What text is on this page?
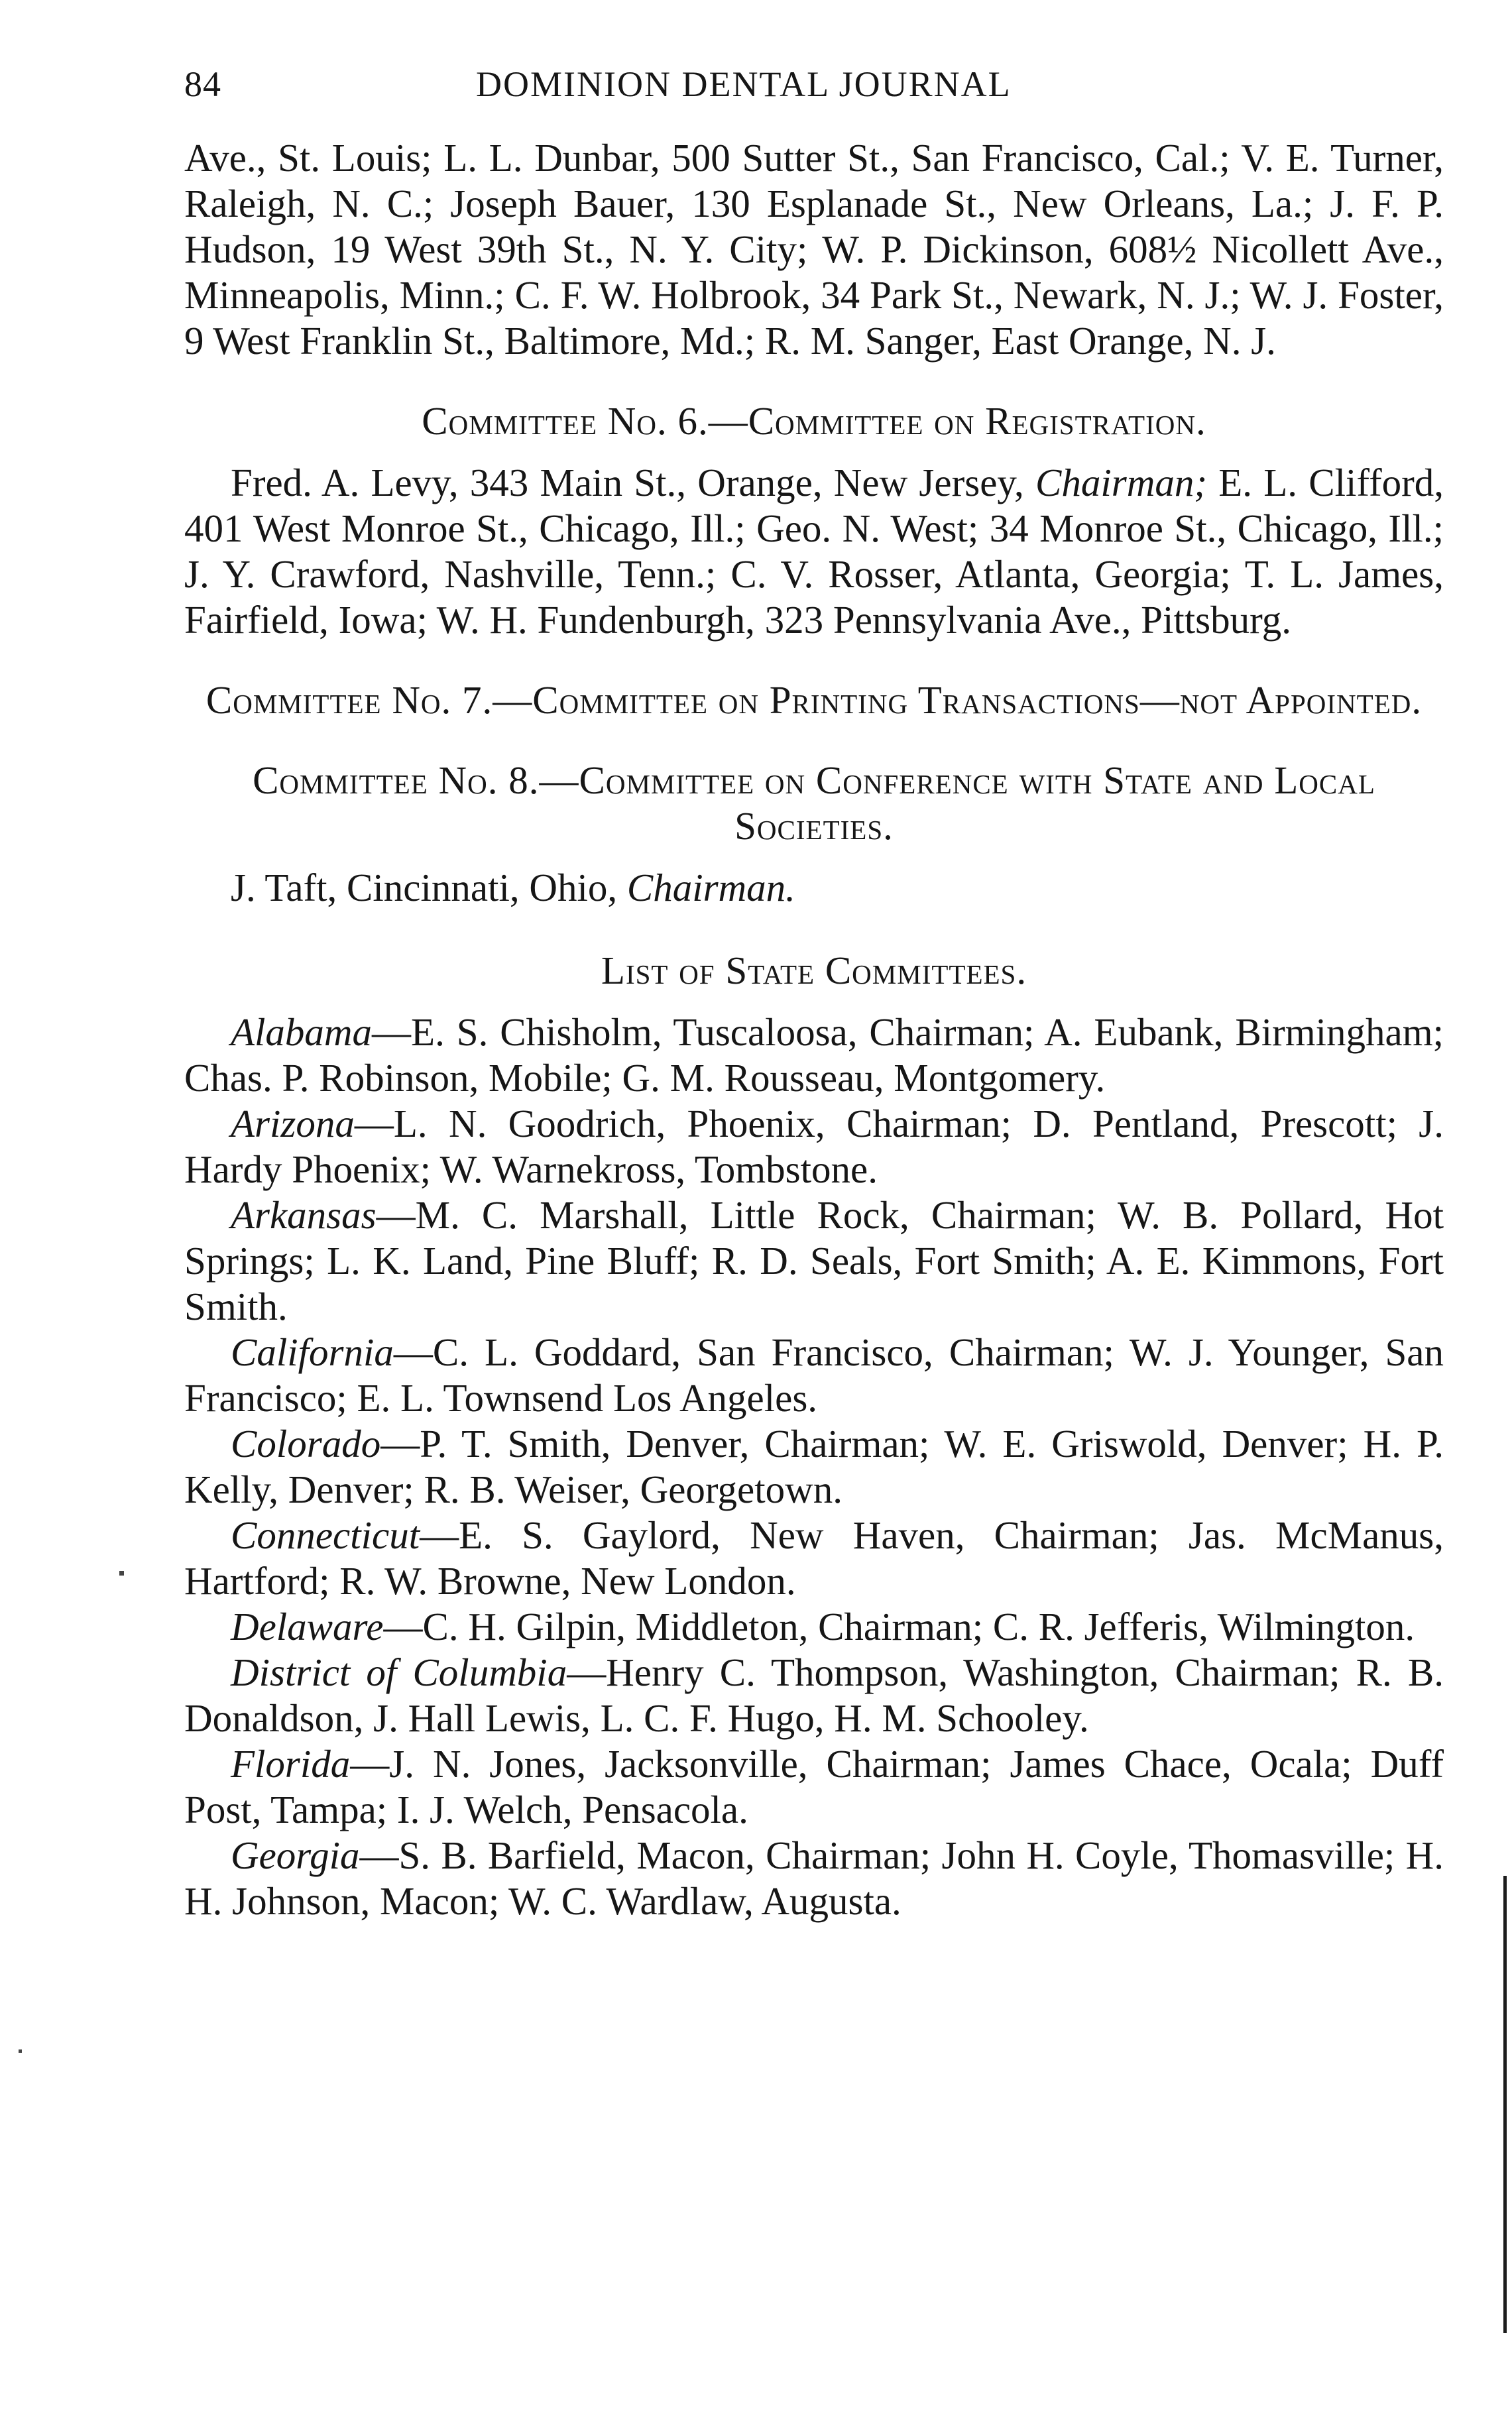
84	DOMINION DENTAL JOURNAL

Ave., St. Louis; L. L. Dunbar, 500 Sutter St., San Francisco, Cal.; V. E. Turner, Raleigh, N. C.; Joseph Bauer, 130 Esplanade St., New Orleans, La.; J. F. P. Hudson, 19 West 39th St., N. Y. City; W. P. Dickinson, 608½ Nicollett Ave., Minneapolis, Minn.; C. F. W. Holbrook, 34 Park St., Newark, N. J.; W. J. Foster, 9 West Franklin St., Baltimore, Md.; R. M. Sanger, East Orange, N. J.

Committee No. 6.—Committee on Registration.

Fred. A. Levy, 343 Main St., Orange, New Jersey, Chairman; E. L. Clifford, 401 West Monroe St., Chicago, Ill.; Geo. N. West; 34 Monroe St., Chicago, Ill.; J. Y. Crawford, Nashville, Tenn.; C. V. Rosser, Atlanta, Georgia; T. L. James, Fairfield, Iowa; W. H. Fundenburgh, 323 Pennsylvania Ave., Pittsburg.

Committee No. 7.—Committee on Printing Transactions—not Appointed.

Committee No. 8.—Committee on Conference with State and Local Societies.

J. Taft, Cincinnati, Ohio, Chairman.

List of State Committees.

Alabama—E. S. Chisholm, Tuscaloosa, Chairman; A. Eubank, Birmingham; Chas. P. Robinson, Mobile; G. M. Rousseau, Montgomery.

Arizona—L. N. Goodrich, Phoenix, Chairman; D. Pentland, Prescott; J. Hardy Phoenix; W. Warnekross, Tombstone.

Arkansas—M. C. Marshall, Little Rock, Chairman; W. B. Pollard, Hot Springs; L. K. Land, Pine Bluff; R. D. Seals, Fort Smith; A. E. Kimmons, Fort Smith.

California—C. L. Goddard, San Francisco, Chairman; W. J. Younger, San Francisco; E. L. Townsend Los Angeles.

Colorado—P. T. Smith, Denver, Chairman; W. E. Griswold, Denver; H. P. Kelly, Denver; R. B. Weiser, Georgetown.

Connecticut—E. S. Gaylord, New Haven, Chairman; Jas. McManus, Hartford; R. W. Browne, New London.

Delaware—C. H. Gilpin, Middleton, Chairman; C. R. Jefferis, Wilmington.

District of Columbia—Henry C. Thompson, Washington, Chairman; R. B. Donaldson, J. Hall Lewis, L. C. F. Hugo, H. M. Schooley.

Florida—J. N. Jones, Jacksonville, Chairman; James Chace, Ocala; Duff Post, Tampa; I. J. Welch, Pensacola.

Georgia—S. B. Barfield, Macon, Chairman; John H. Coyle, Thomasville; H. H. Johnson, Macon; W. C. Wardlaw, Augusta.
